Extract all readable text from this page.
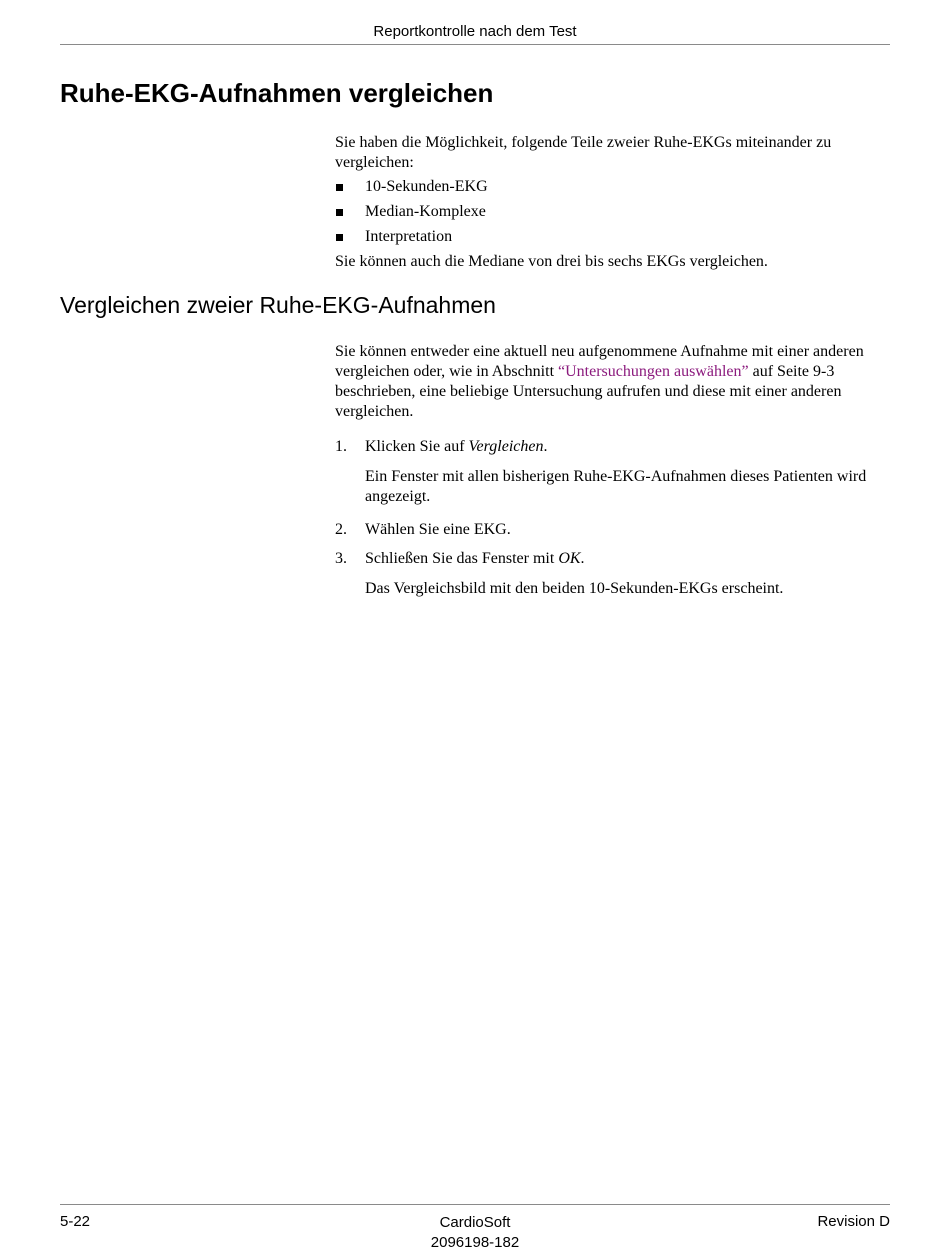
Reportkontrolle nach dem Test
Ruhe-EKG-Aufnahmen vergleichen
Sie haben die Möglichkeit, folgende Teile zweier Ruhe-EKGs miteinander zu vergleichen:
10-Sekunden-EKG
Median-Komplexe
Interpretation
Sie können auch die Mediane von drei bis sechs EKGs vergleichen.
Vergleichen zweier Ruhe-EKG-Aufnahmen
Sie können entweder eine aktuell neu aufgenommene Aufnahme mit einer anderen vergleichen oder, wie in Abschnitt “Untersuchungen auswählen” auf Seite 9-3 beschrieben, eine beliebige Untersuchung aufrufen und diese mit einer anderen vergleichen.
1. Klicken Sie auf Vergleichen.
Ein Fenster mit allen bisherigen Ruhe-EKG-Aufnahmen dieses Patienten wird angezeigt.
2. Wählen Sie eine EKG.
3. Schließen Sie das Fenster mit OK.
Das Vergleichsbild mit den beiden 10-Sekunden-EKGs erscheint.
5-22	CardioSoft
2096198-182
Revision D
